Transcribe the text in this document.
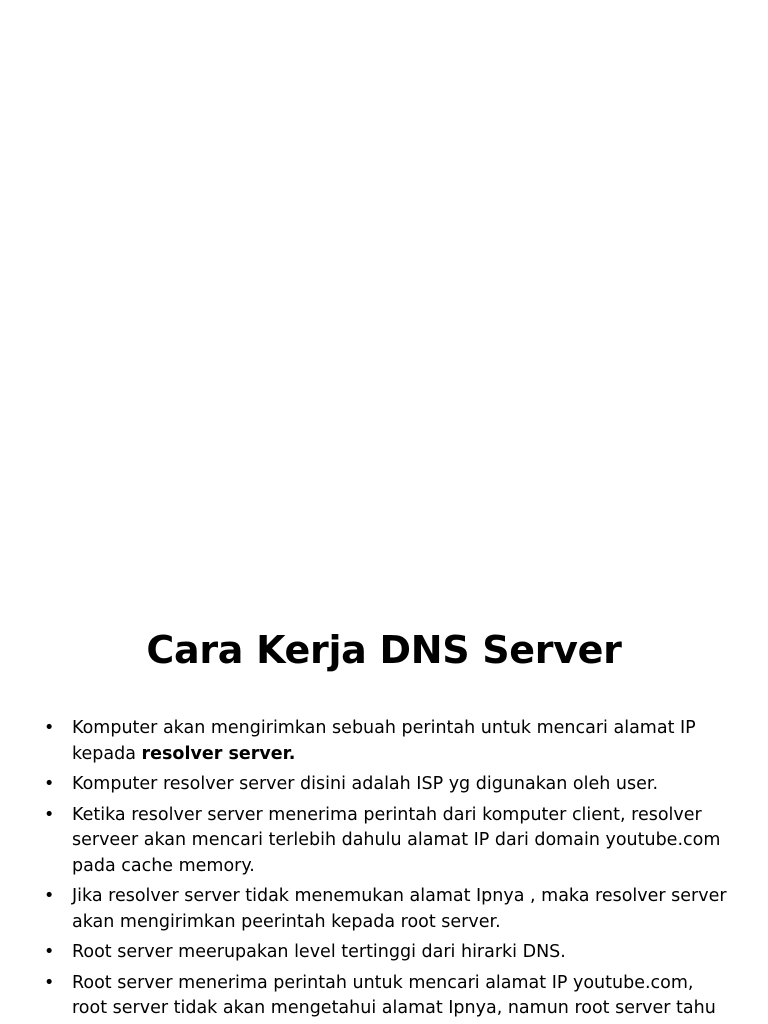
Cara Kerja DNS Server
• Komputer akan mengirimkan sebuah perintah untuk mencari alamat IP kepada resolver server.
• Komputer resolver server disini adalah ISP yg digunakan oleh user.
• Ketika resolver server menerima perintah dari komputer client, resolver serveer akan mencari terlebih dahulu alamat IP dari domain youtube.com pada cache memory.
• Jika resolver server tidak menemukan alamat Ipnya , maka resolver server akan mengirimkan peerintah kepada root server.
• Root server meerupakan level tertinggi dari hirarki DNS.
• Root server menerima perintah untuk mencari alamat IP youtube.com, root server tidak akan mengetahui alamat Ipnya, namun root server tahu
